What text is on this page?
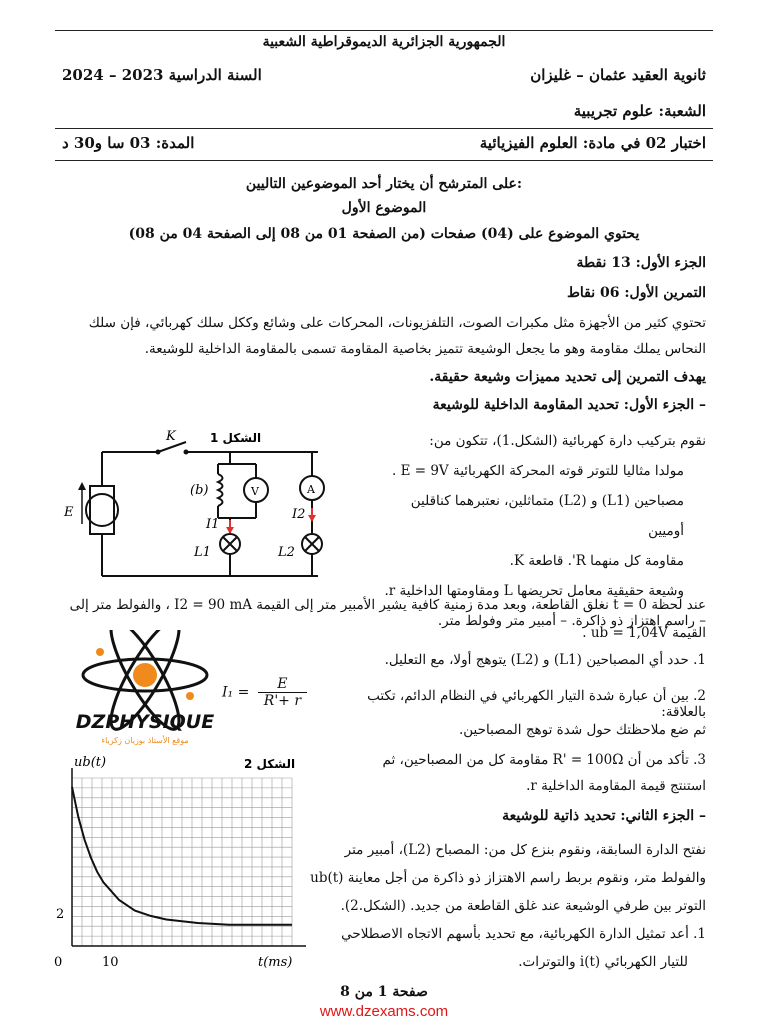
الجمهورية الجزائرية الديموقراطية الشعبية
ثانوية العقيد عثمان – غليزان
السنة الدراسية 2023 – 2024
الشعبة: علوم تجريبية
اختبار 02 في مادة: العلوم الفيزيائية
المدة: 03 سا و30 د
على المترشح أن يختار أحد الموضوعين التاليين:
الموضوع الأول
يحتوي الموضوع على (04) صفحات (من الصفحة 01 من 08 إلى الصفحة 04 من 08)
الجزء الأول: 13 نقطة
التمرين الأول: 06 نقاط
تحتوي كثير من الأجهزة مثل مكبرات الصوت، التلفزيونات، المحركات على وشائع وككل سلك كهربائي، فإن سلك
النحاس يملك مقاومة وهو ما يجعل الوشيعة تتميز بخاصية المقاومة تسمى بالمقاومة الداخلية للوشيعة.
يهدف التمرين إلى تحديد مميزات وشيعة حقيقة.
– الجزء الأول: تحديد المقاومة الداخلية للوشيعة
نقوم بتركيب دارة كهربائية (الشكل.1)، تتكون من:
مولدا مثاليا للتوتر قوته المحركة الكهربائية E = 9V .
مصباحين (L1) و (L2) متماثلين، نعتبرهما كناقلين أوميين
مقاومة كل منهما R'. قاطعة K.
وشيعة حقيقية معامل تحريضها L ومقاومتها الداخلية r.
– راسم اهتزاز ذو ذاكرة. – أمبير متر وفولط متر.
K	الشكل 1
E
(b)	V	A
I1
I2
L1	L2
عند لحظة t = 0 نغلق القاطعة، وبعد مدة زمنية كافية يشير الأمبير متر إلى القيمة I2 = 90 mA ، والفولط متر إلى
القيمة ub = 1,04V .
DZPHYSIQUE
موقع الأستاذ بوزيان زكرياء
1. حدد أي المصباحين (L1) و (L2) يتوهج أولا، مع التعليل.
2. بين أن عبارة شدة التيار الكهربائي في النظام الدائم، تكتب بالعلاقة:
$I_1 = \frac{E}{R'+ r}$
ثم ضع ملاحظتك حول شدة توهج المصباحين.
3. تأكد من أن R' = 100Ω مقاومة كل من المصباحين، ثم
استنتج قيمة المقاومة الداخلية r.
– الجزء الثاني: تحديد ذاتية للوشيعة
نفتح الدارة السابقة، ونقوم بنزع كل من: المصباح (L2)، أمبير متر
والفولط متر، ونقوم بربط راسم الاهتزاز ذو ذاكرة من أجل معاينة ub(t)
التوتر بين طرفي الوشيعة عند غلق القاطعة من جديد. (الشكل.2).
1. أعد تمثيل الدارة الكهربائية، مع تحديد بأسهم الاتجاه الاصطلاحي
للتيار الكهربائي i(t) والتوترات.
ub(t)	الشكل 2
t(ms)
0	10
2
صفحة 1 من 8
www.dzexams.com
